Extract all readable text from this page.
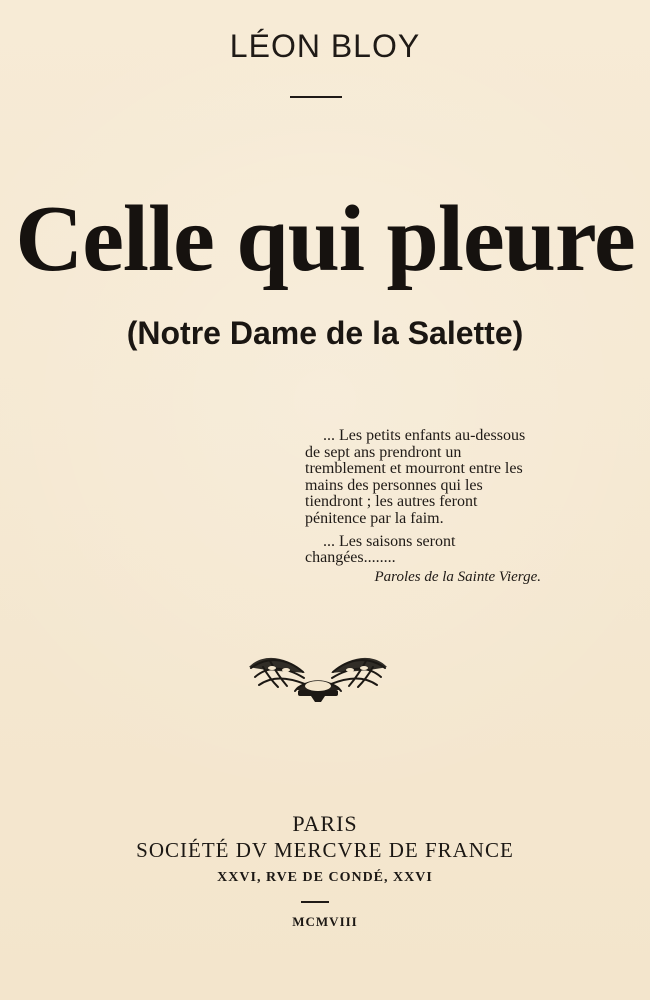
LÉON BLOY
Celle qui pleure
(Notre Dame de la Salette)

... Les petits enfants au-dessous de sept ans prendront un tremblement et mourront entre les mains des personnes qui les tiendront ; les autres feront pénitence par la faim.

... Les saisons seront changées........

Paroles de la Sainte Vierge.

PARIS
SOCIÉTÉ DV MERCVRE DE FRANCE
XXVI, RVE DE CONDÉ, XXVI
MCMVIII
